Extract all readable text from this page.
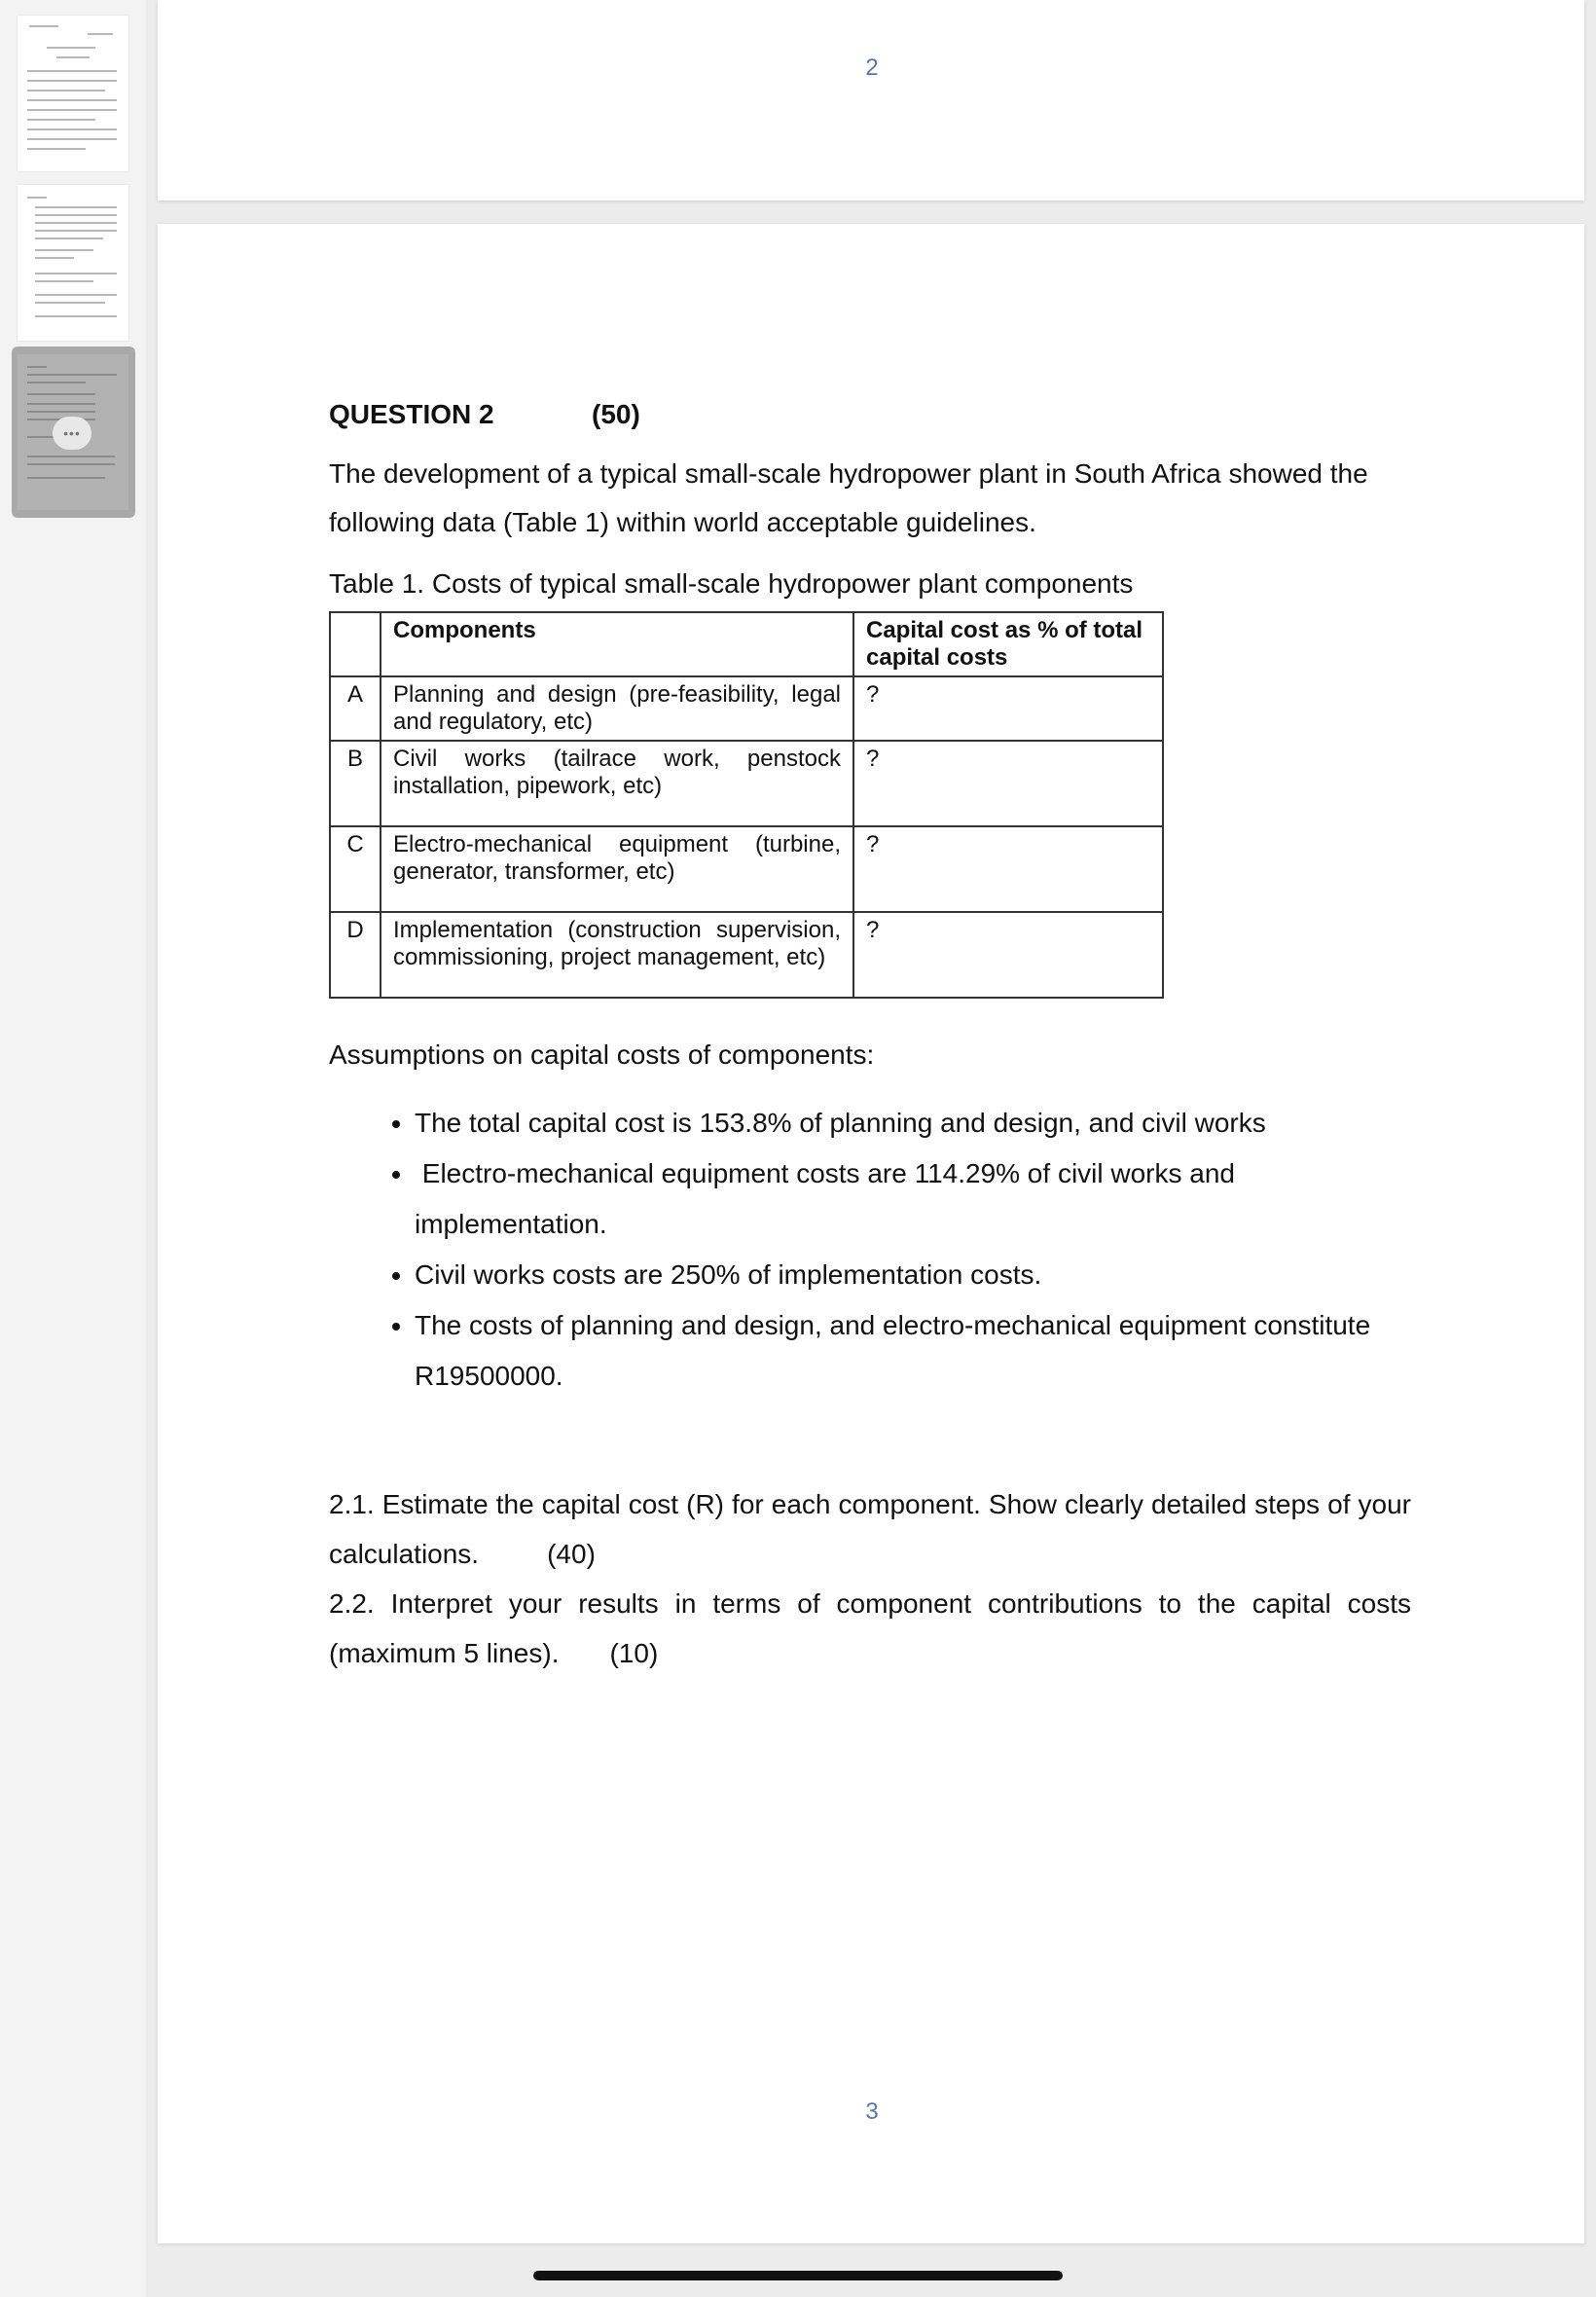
•••
2
QUESTION 2	(50)
The development of a typical small-scale hydropower plant in South Africa showed the following data (Table 1) within world acceptable guidelines.
Table 1. Costs of typical small-scale hydropower plant components
	Components	Capital cost as % of total capital costs
A	Planning and design (pre-feasibility, legal and regulatory, etc)	?
B	Civil works (tailrace work, penstock installation, pipework, etc)	?
C	Electro-mechanical equipment (turbine, generator, transformer, etc)	?
D	Implementation (construction supervision, commissioning, project management, etc)	?
Assumptions on capital costs of components:
• The total capital cost is 153.8% of planning and design, and civil works
•  Electro-mechanical equipment costs are 114.29% of civil works and implementation.
• Civil works costs are 250% of implementation costs.
• The costs of planning and design, and electro-mechanical equipment constitute R19500000.
2.1. Estimate the capital cost (R) for each component. Show clearly detailed steps of your calculations.	(40)
2.2. Interpret your results in terms of component contributions to the capital costs (maximum 5 lines). (10)
3
